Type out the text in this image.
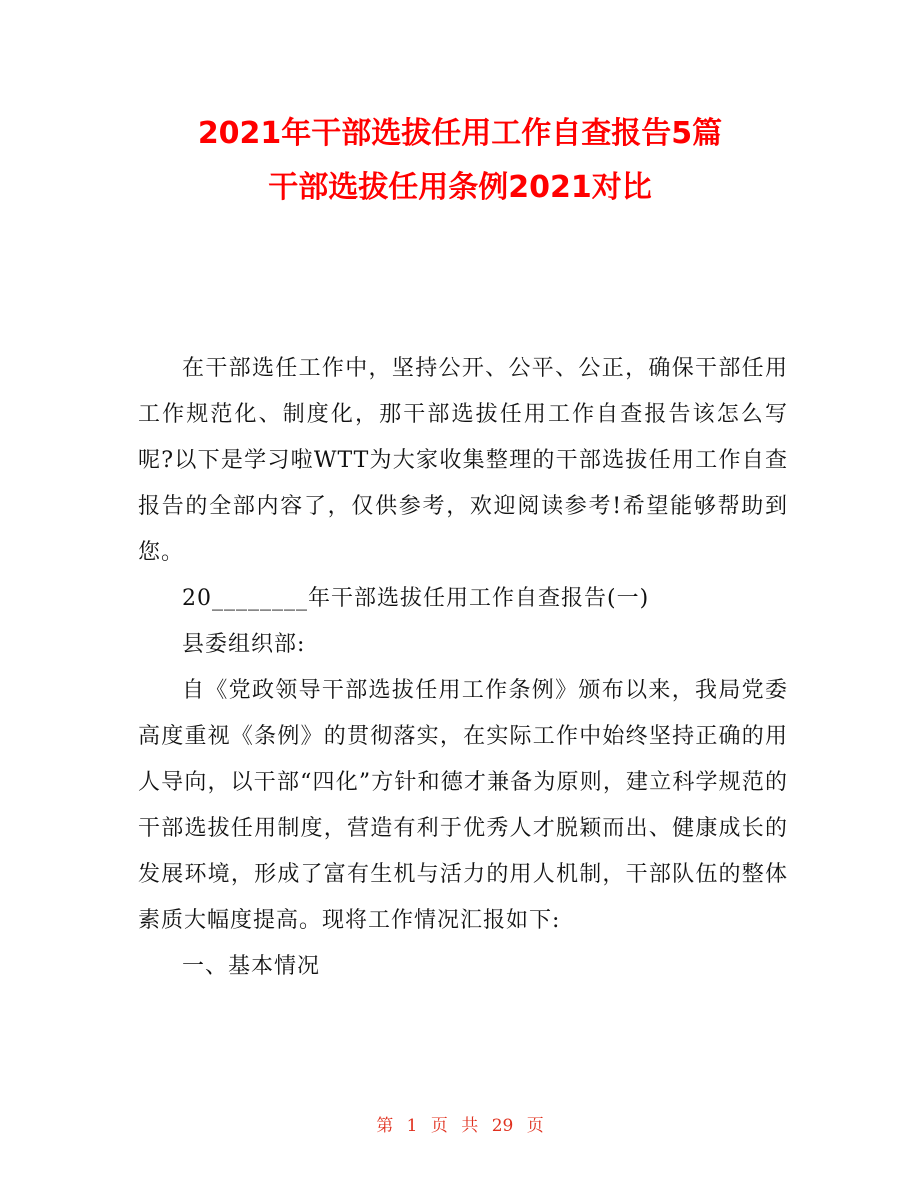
2021年干部选拔任用工作自查报告5篇
干部选拔任用条例2021对比

在干部选任工作中，坚持公开、公平、公正，确保干部任用工作规范化、制度化，那干部选拔任用工作自查报告该怎么写呢?以下是学习啦WTT为大家收集整理的干部选拔任用工作自查报告的全部内容了，仅供参考，欢迎阅读参考!希望能够帮助到您。

20________年干部选拔任用工作自查报告(一)

县委组织部:

自《党政领导干部选拔任用工作条例》颁布以来，我局党委高度重视《条例》的贯彻落实，在实际工作中始终坚持正确的用人导向，以干部“四化”方针和德才兼备为原则，建立科学规范的干部选拔任用制度，营造有利于优秀人才脱颖而出、健康成长的发展环境，形成了富有生机与活力的用人机制，干部队伍的整体素质大幅度提高。现将工作情况汇报如下:

一、基本情况

第 1 页 共 29 页
